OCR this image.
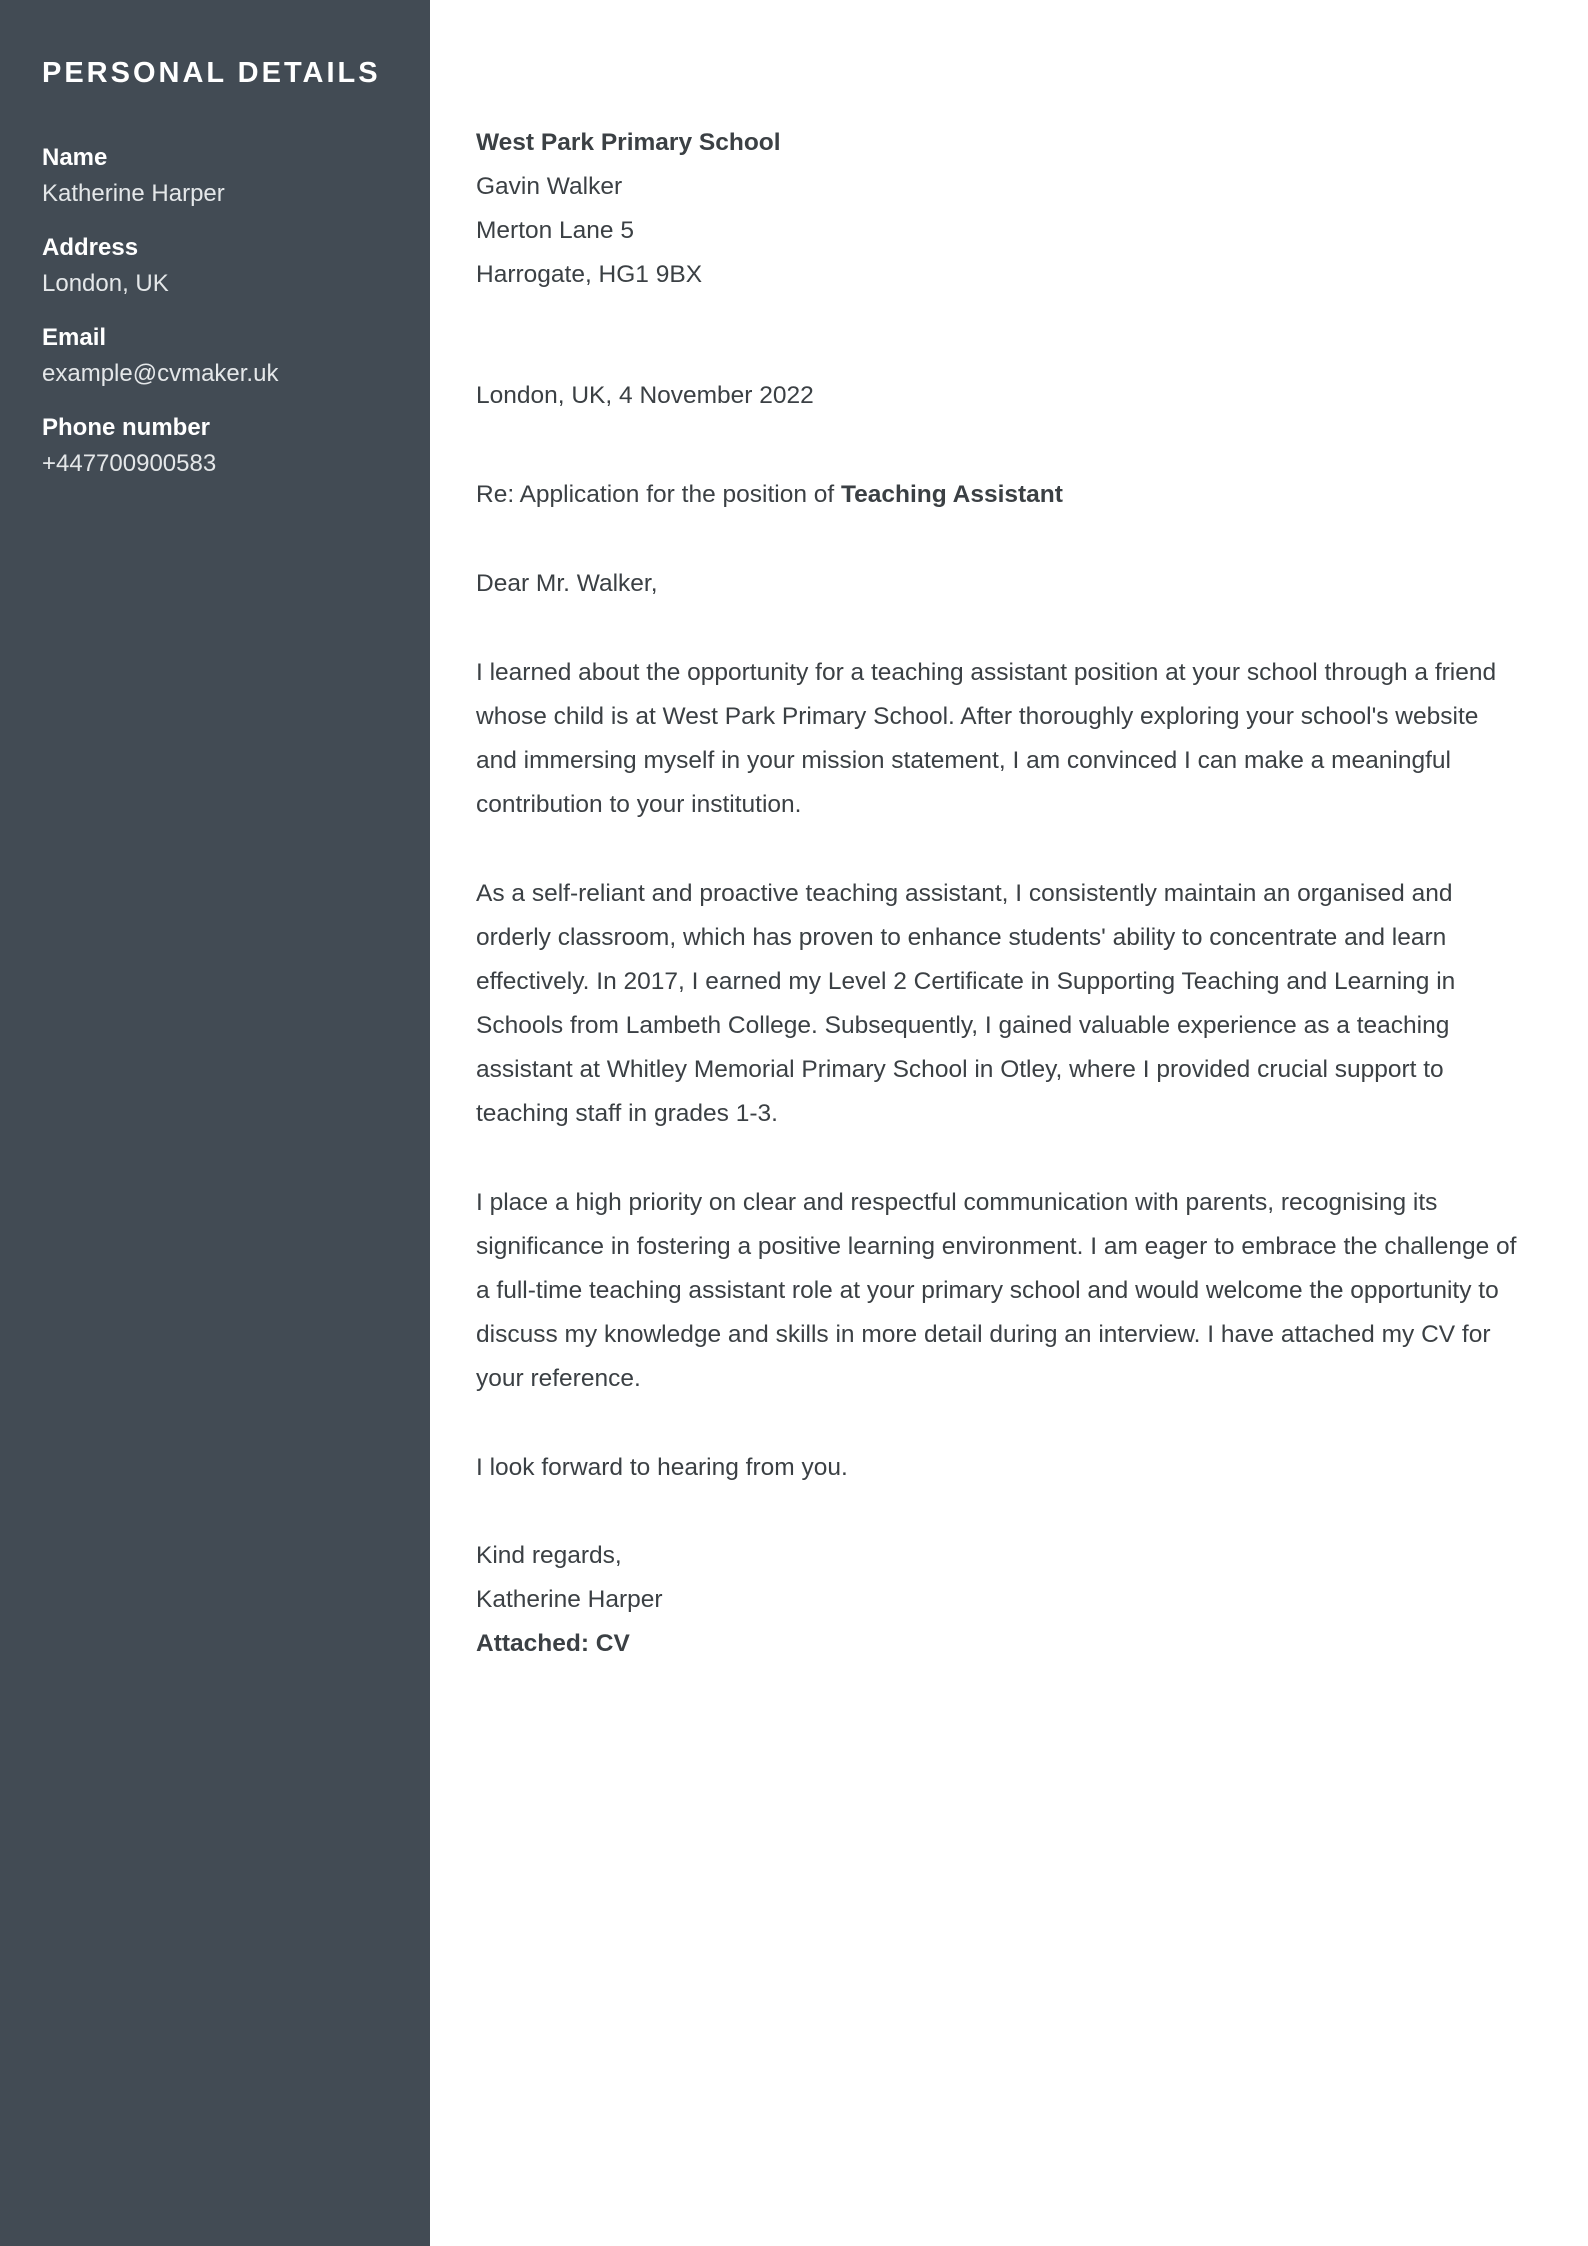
PERSONAL DETAILS
Name
Katherine Harper
Address
London, UK
Email
example@cvmaker.uk
Phone number
+447700900583

West Park Primary School

Gavin Walker

Merton Lane 5

Harrogate, HG1 9BX

London, UK, 4 November 2022

Re: Application for the position of Teaching Assistant

Dear Mr. Walker,

I learned about the opportunity for a teaching assistant position at your school through a friend whose child is at West Park Primary School. After thoroughly exploring your school's website and immersing myself in your mission statement, I am convinced I can make a meaningful contribution to your institution.

As a self-reliant and proactive teaching assistant, I consistently maintain an organised and orderly classroom, which has proven to enhance students' ability to concentrate and learn effectively. In 2017, I earned my Level 2 Certificate in Supporting Teaching and Learning in Schools from Lambeth College. Subsequently, I gained valuable experience as a teaching assistant at Whitley Memorial Primary School in Otley, where I provided crucial support to teaching staff in grades 1-3.

I place a high priority on clear and respectful communication with parents, recognising its significance in fostering a positive learning environment. I am eager to embrace the challenge of a full-time teaching assistant role at your primary school and would welcome the opportunity to discuss my knowledge and skills in more detail during an interview. I have attached my CV for your reference.

I look forward to hearing from you.

Kind regards,

Katherine Harper

Attached: CV
